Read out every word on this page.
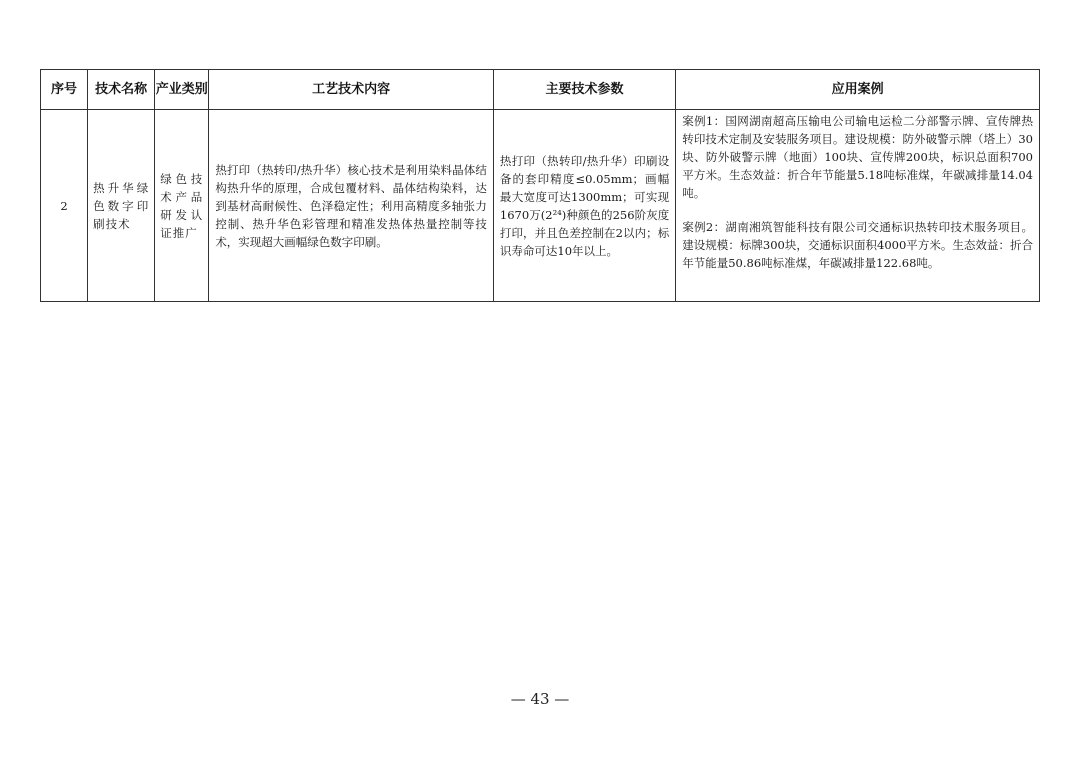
序号	技术名称	产业类别	工艺技术内容	主要技术参数	应用案例
2	热升华绿色数字印刷技术	绿色技术产品研发认证推广	热打印（热转印/热升华）核心技术是利用染料晶体结构热升华的原理，合成包覆材料、晶体结构染料，达到基材高耐候性、色泽稳定性；利用高精度多轴张力控制、热升华色彩管理和精准发热体热量控制等技术，实现超大画幅绿色数字印刷。	热打印（热转印/热升华）印刷设备的套印精度≤0.05mm；画幅最大宽度可达1300mm；可实现1670万(2²⁴)种颜色的256阶灰度打印，并且色差控制在2以内；标识寿命可达10年以上。	案例1：国网湖南超高压输电公司输电运检二分部警示牌、宣传牌热转印技术定制及安装服务项目。建设规模：防外破警示牌（塔上）30块、防外破警示牌（地面）100块、宣传牌200块，标识总面积700平方米。生态效益：折合年节能量5.18吨标准煤，年碳减排量14.04吨。

案例2：湖南湘筑智能科技有限公司交通标识热转印技术服务项目。建设规模：标牌300块，交通标识面积4000平方米。生态效益：折合年节能量50.86吨标准煤，年碳减排量122.68吨。

— 43 —
